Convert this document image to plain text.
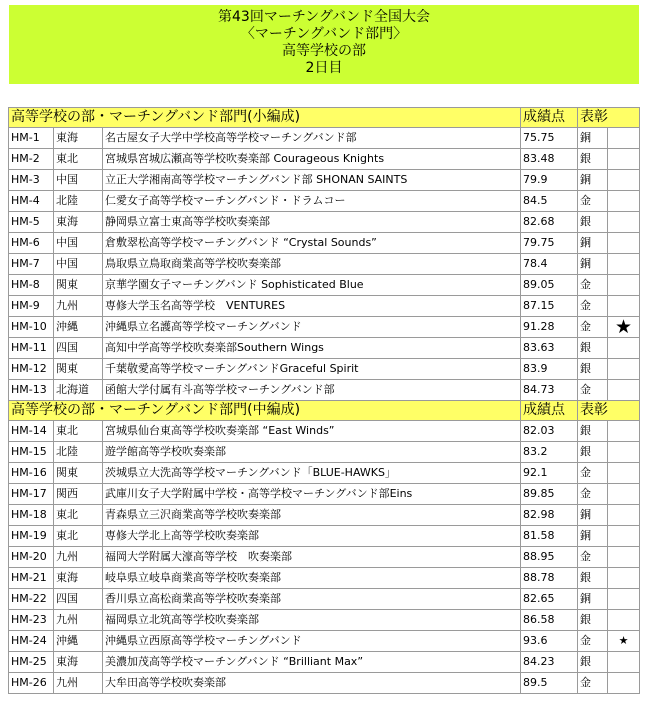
第43回マーチングバンド全国大会
〈マーチングバンド部門〉
高等学校の部
2日目
高等学校の部・マーチングバンド部門(小編成)			成績点	表彰	
HM-1	東海	名古屋女子大学中学校高等学校マーチングバンド部	75.75	銅	
HM-2	東北	宮城県宮城広瀬高等学校吹奏楽部 Courageous Knights	83.48	銀	
HM-3	中国	立正大学湘南高等学校マーチングバンド部 SHONAN SAINTS	79.9	銅	
HM-4	北陸	仁愛女子高等学校マーチングバンド・ドラムコー	84.5	金	
HM-5	東海	静岡県立富士東高等学校吹奏楽部	82.68	銀	
HM-6	中国	倉敷翠松高等学校マーチングバンド “Crystal Sounds”	79.75	銅	
HM-7	中国	鳥取県立鳥取商業高等学校吹奏楽部	78.4	銅	
HM-8	関東	京華学園女子マーチングバンド Sophisticated Blue	89.05	金	
HM-9	九州	専修大学玉名高等学校　VENTURES	87.15	金	
HM-10	沖縄	沖縄県立名護高等学校マーチングバンド	91.28	金	★
HM-11	四国	高知中学高等学校吹奏楽部Southern Wings	83.63	銀	
HM-12	関東	千葉敬愛高等学校マーチングバンドGraceful Spirit	83.9	銀	
HM-13	北海道	函館大学付属有斗高等学校マーチングバンド部	84.73	金	
高等学校の部・マーチングバンド部門(中編成)			成績点	表彰	
HM-14	東北	宮城県仙台東高等学校吹奏楽部 “East Winds”	82.03	銀	
HM-15	北陸	遊学館高等学校吹奏楽部	83.2	銀	
HM-16	関東	茨城県立大洗高等学校マーチングバンド「BLUE-HAWKS」	92.1	金	
HM-17	関西	武庫川女子大学附属中学校・高等学校マーチングバンド部Eins	89.85	金	
HM-18	東北	青森県立三沢商業高等学校吹奏楽部	82.98	銅	
HM-19	東北	専修大学北上高等学校吹奏楽部	81.58	銅	
HM-20	九州	福岡大学附属大濠高等学校　吹奏楽部	88.95	金	
HM-21	東海	岐阜県立岐阜商業高等学校吹奏楽部	88.78	銀	
HM-22	四国	香川県立高松商業高等学校吹奏楽部	82.65	銅	
HM-23	九州	福岡県立北筑高等学校吹奏楽部	86.58	銀	
HM-24	沖縄	沖縄県立西原高等学校マーチングバンド	93.6	金	★
HM-25	東海	美濃加茂高等学校マーチングバンド “Brilliant Max”	84.23	銀	
HM-26	九州	大牟田高等学校吹奏楽部	89.5	金	
